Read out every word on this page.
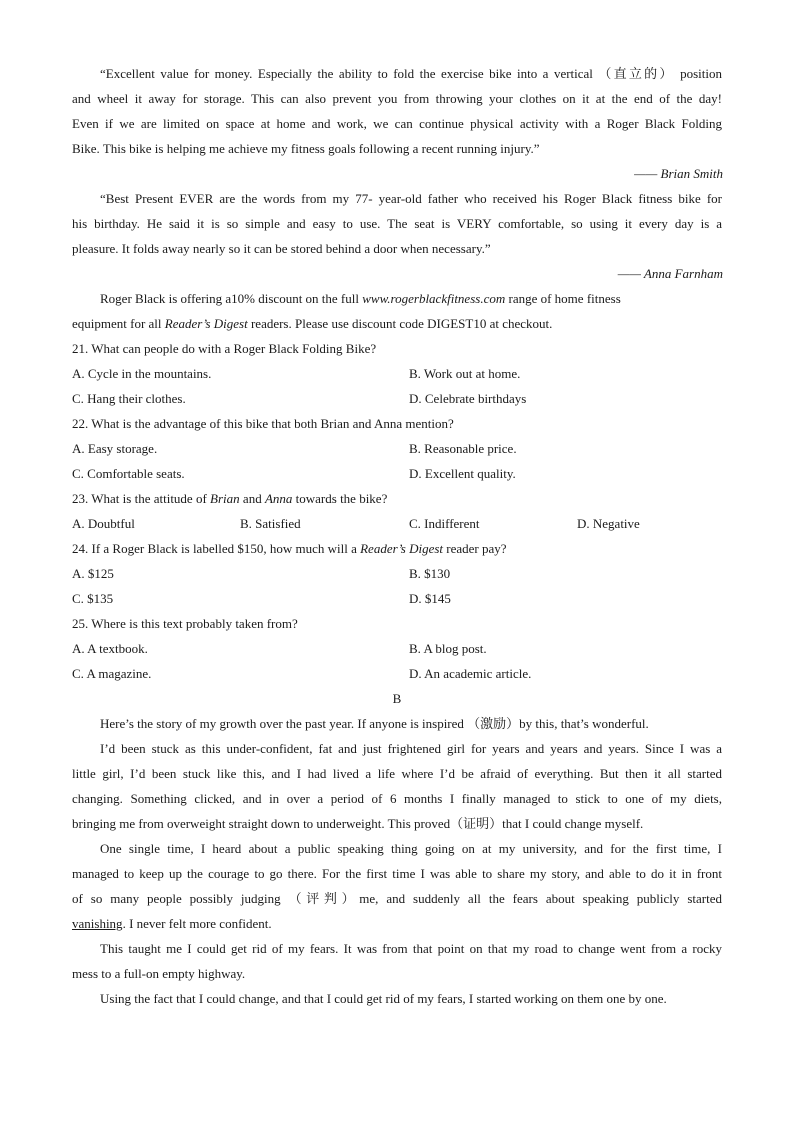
“Excellent value for money. Especially the ability to fold the exercise bike into a vertical （直立的） position
and wheel it away for storage. This can also prevent you from throwing your clothes on it at the end of the day!
Even if we are limited on space at home and work, we can continue physical activity with a Roger Black Folding
Bike. This bike is helping me achieve my fitness goals following a recent running injury.”
—— Brian Smith
“Best Present EVER are the words from my 77- year-old father who received his Roger Black fitness bike for
his birthday. He said it is so simple and easy to use. The seat is VERY comfortable, so using it every day is a
pleasure. It folds away nearly so it can be stored behind a door when necessary.”
—— Anna Farnham
Roger Black is offering a10% discount on the full www.rogerblackfitness.com range of home fitness
equipment for all Reader’s Digest readers. Please use discount code DIGEST10 at checkout.
21. What can people do with a Roger Black Folding Bike?
A. Cycle in the mountains.	B. Work out at home.
C. Hang their clothes.	D. Celebrate birthdays
22. What is the advantage of this bike that both Brian and Anna mention?
A. Easy storage.	B. Reasonable price.
C. Comfortable seats.	D. Excellent quality.
23. What is the attitude of Brian and Anna towards the bike?
A. Doubtful	B. Satisfied	C. Indifferent	D. Negative
24. If a Roger Black is labelled $150, how much will a Reader’s Digest reader pay?
A. $125	B. $130
C. $135	D. $145
25. Where is this text probably taken from?
A. A textbook.	B. A blog post.
C. A magazine.	D. An academic article.
B
Here’s the story of my growth over the past year. If anyone is inspired （激励）by this, that’s wonderful.
I’d been stuck as this under-confident, fat and just frightened girl for years and years and years. Since I was a
little girl, I’d been stuck like this, and I had lived a life where I’d be afraid of everything. But then it all started
changing. Something clicked, and in over a period of 6 months I finally managed to stick to one of my diets,
bringing me from overweight straight down to underweight. This proved（证明）that I could change myself.
One single time, I heard about a public speaking thing going on at my university, and for the first time, I
managed to keep up the courage to go there. For the first time I was able to share my story, and able to do it in front
of so many people possibly judging （评判）me, and suddenly all the fears about speaking publicly started
vanishing. I never felt more confident.
This taught me I could get rid of my fears. It was from that point on that my road to change went from a rocky
mess to a full-on empty highway.
Using the fact that I could change, and that I could get rid of my fears, I started working on them one by one.
